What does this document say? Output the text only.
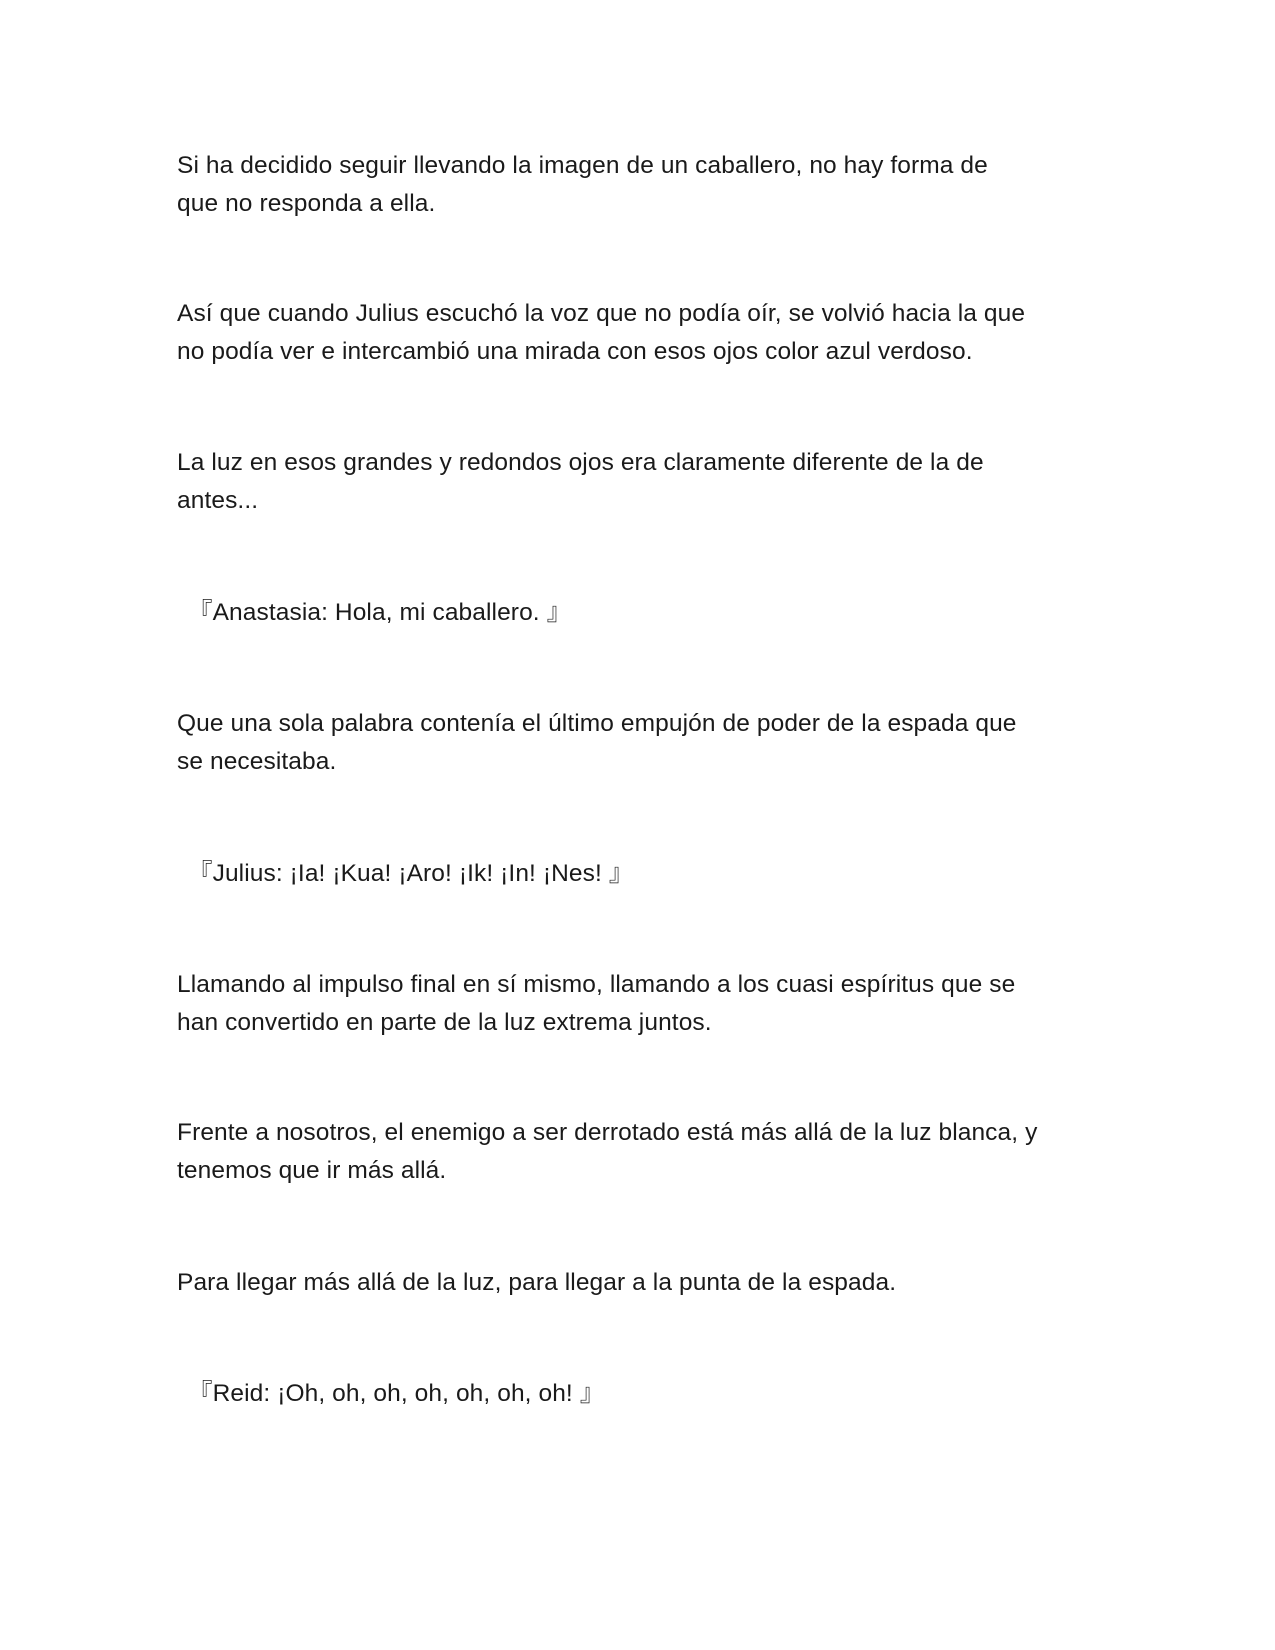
Si ha decidido seguir llevando la imagen de un caballero, no hay forma de
que no responda a ella.

Así que cuando Julius escuchó la voz que no podía oír, se volvió hacia la que
no podía ver e intercambió una mirada con esos ojos color azul verdoso.

La luz en esos grandes y redondos ojos era claramente diferente de la de
antes...

『Anastasia: Hola, mi caballero. 』

Que una sola palabra contenía el último empujón de poder de la espada que
se necesitaba.

『Julius: ¡Ia! ¡Kua! ¡Aro! ¡Ik! ¡In! ¡Nes! 』

Llamando al impulso final en sí mismo, llamando a los cuasi espíritus que se
han convertido en parte de la luz extrema juntos.

Frente a nosotros, el enemigo a ser derrotado está más allá de la luz blanca, y
tenemos que ir más allá.

Para llegar más allá de la luz, para llegar a la punta de la espada.

『Reid: ¡Oh, oh, oh, oh, oh, oh, oh! 』
